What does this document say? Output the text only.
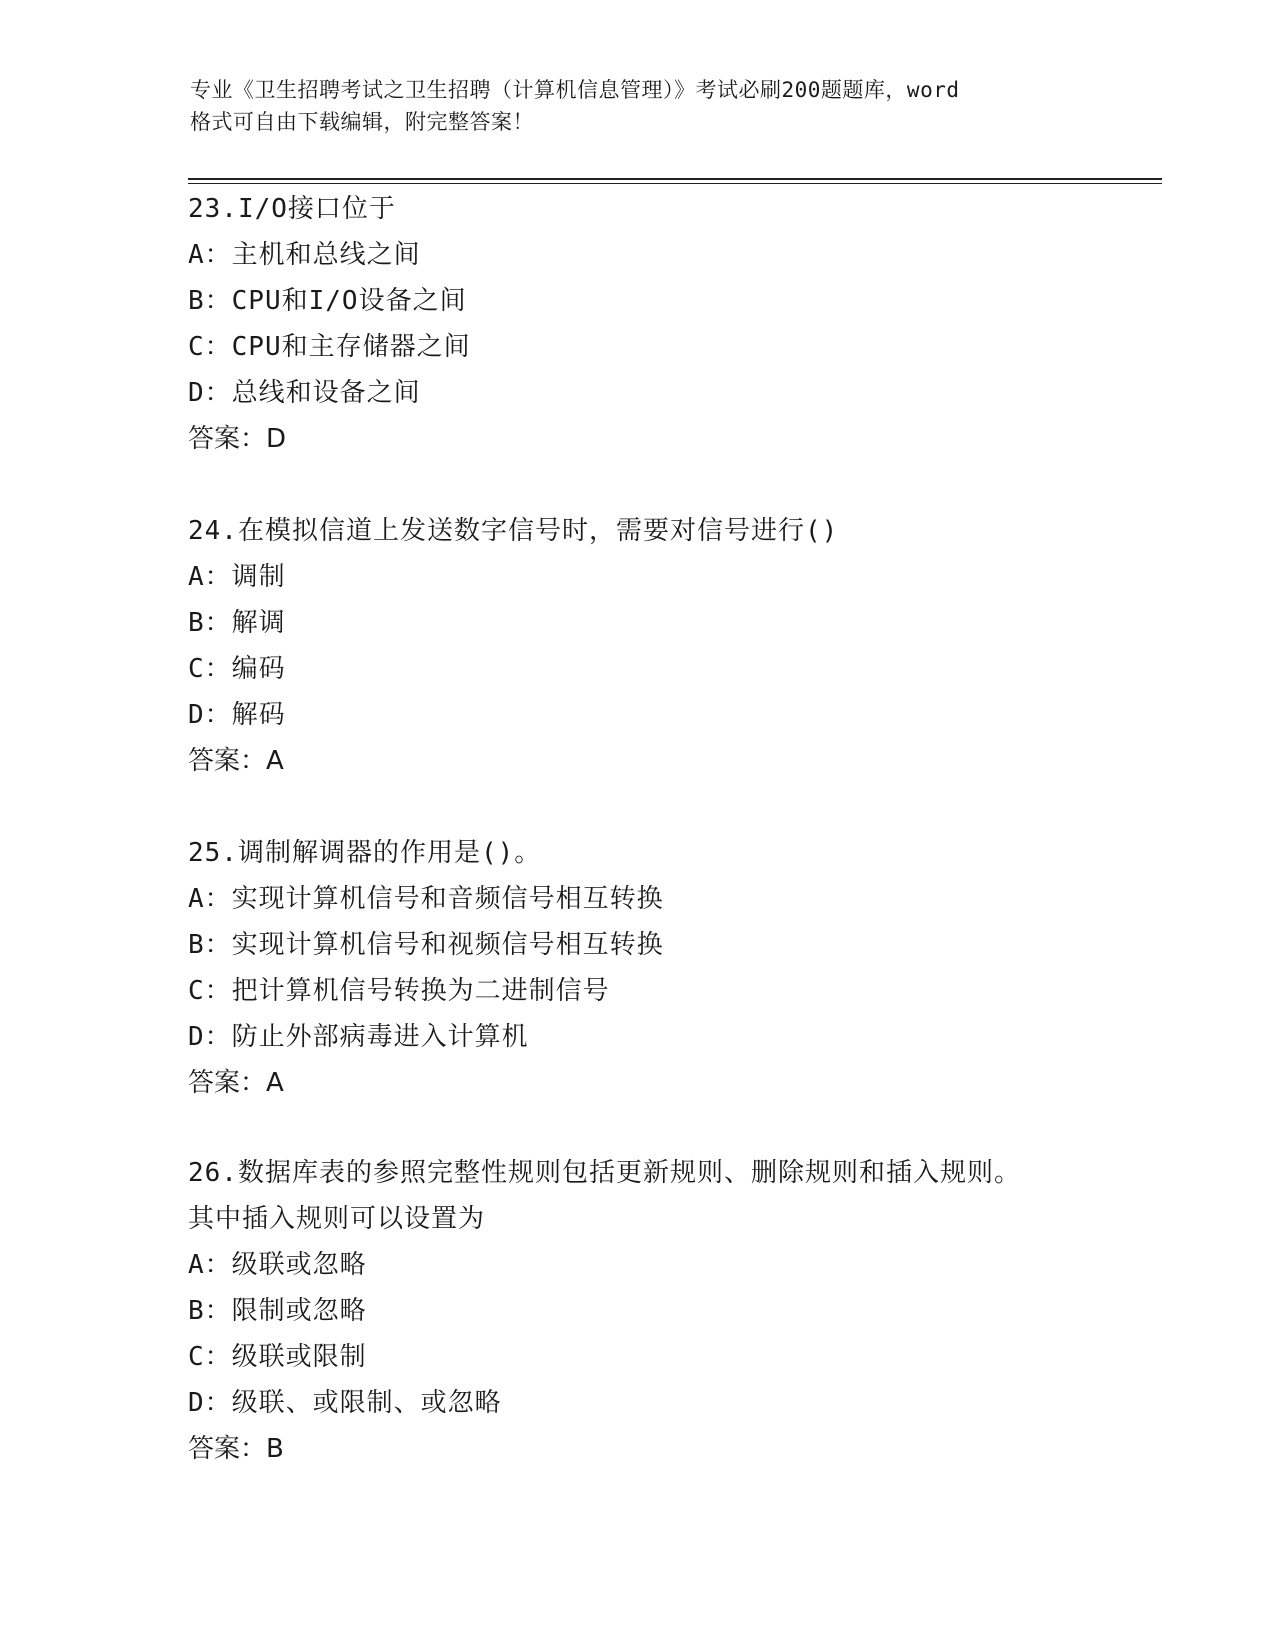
专业《卫生招聘考试之卫生招聘（计算机信息管理）》考试必刷200题题库，word
格式可自由下载编辑，附完整答案！
23.I/O接口位于
A：主机和总线之间
B：CPU和I/O设备之间
C：CPU和主存储器之间
D：总线和设备之间
答案：D
24.在模拟信道上发送数字信号时，需要对信号进行()
A：调制
B：解调
C：编码
D：解码
答案：A
25.调制解调器的作用是()。
A：实现计算机信号和音频信号相互转换
B：实现计算机信号和视频信号相互转换
C：把计算机信号转换为二进制信号
D：防止外部病毒进入计算机
答案：A
26.数据库表的参照完整性规则包括更新规则、删除规则和插入规则。
其中插入规则可以设置为
A：级联或忽略
B：限制或忽略
C：级联或限制
D：级联、或限制、或忽略
答案：B
